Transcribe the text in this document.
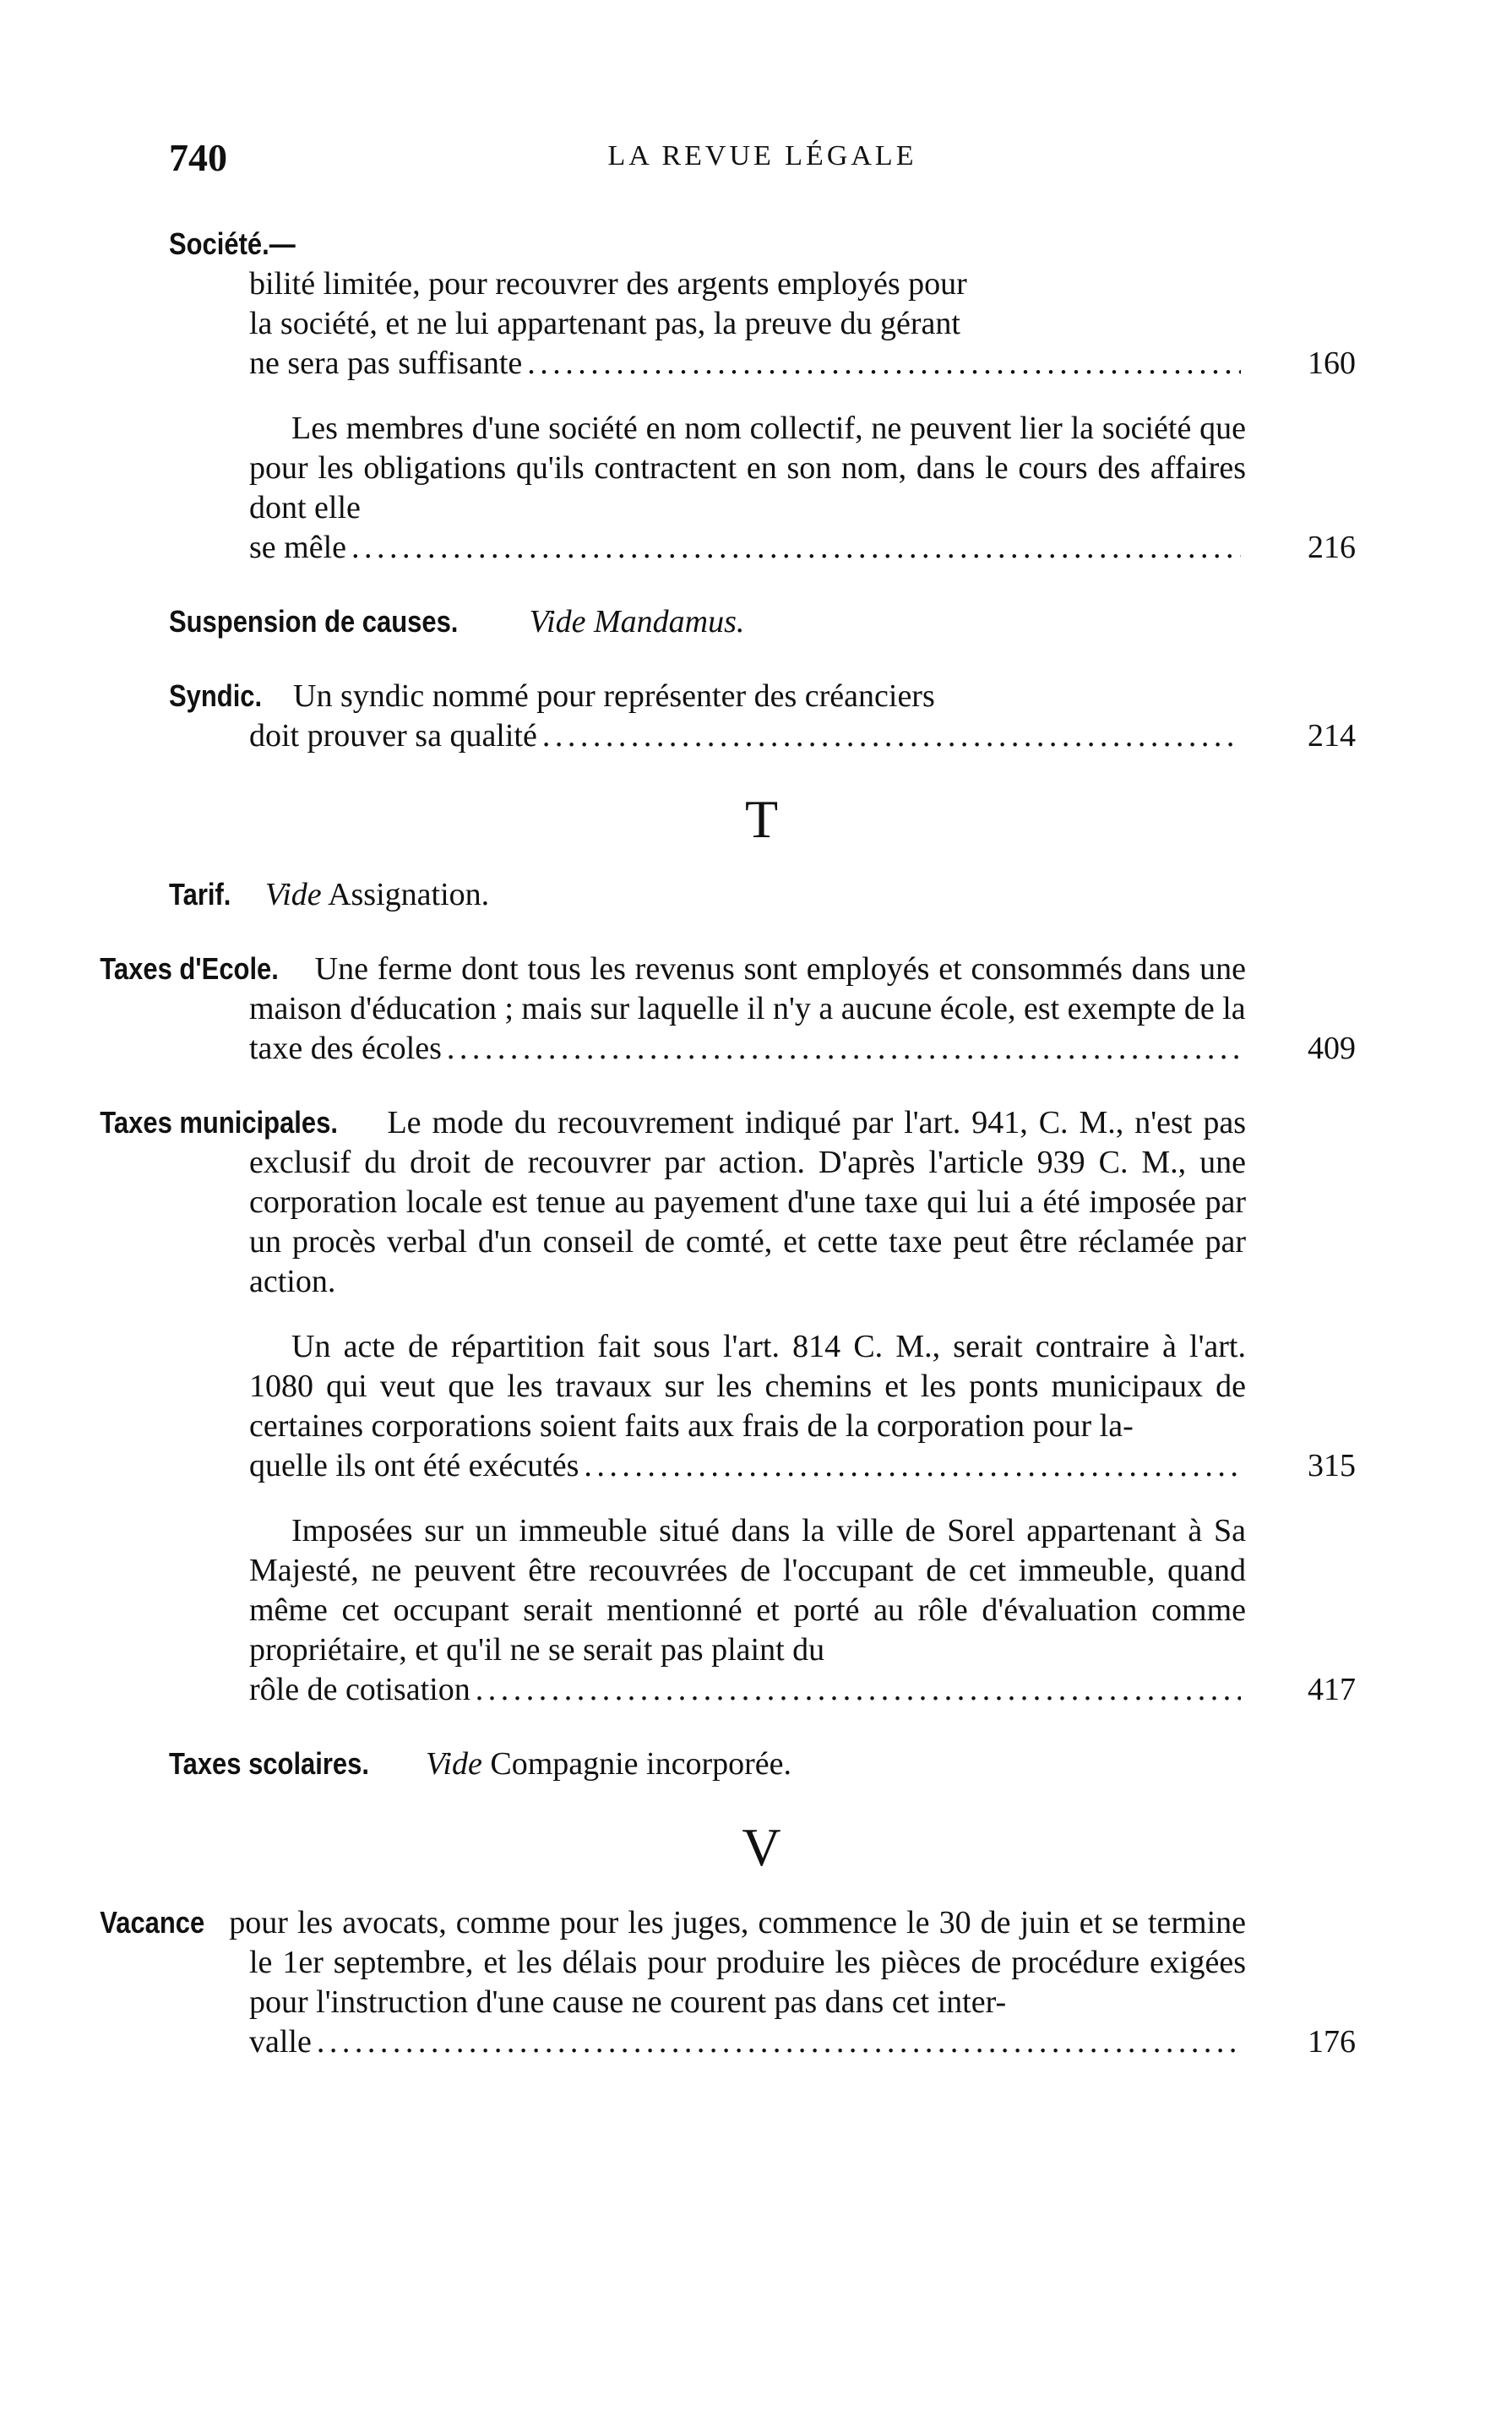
740	LA REVUE LÉGALE
Société.—
bilité limitée, pour recouvrer des argents employés pour
la société, et ne lui appartenant pas, la preuve du gérant
ne sera pas suffisante . . .	160
Les membres d'une société en nom collectif, ne peuvent lier la société que pour les obligations qu'ils contractent en son nom, dans le cours des affaires dont elle
se mêle . . .	216
Suspension de causes. Vide Mandamus.
Syndic. Un syndic nommé pour représenter des créanciers
doit prouver sa qualité . . .	214
T
Tarif. Vide Assignation.
Taxes d'Ecole. Une ferme dont tous les revenus sont employés et consommés dans une maison d'éducation ; mais sur laquelle il n'y a aucune école, est exempte de la
taxe des écoles . . .	409
Taxes municipales. Le mode du recouvrement indiqué par l'art. 941, C. M., n'est pas exclusif du droit de recouvrer par action. D'après l'article 939 C. M., une corporation locale est tenue au payement d'une taxe qui lui a été imposée par un procès verbal d'un conseil de comté, et cette taxe peut être réclamée par action.
Un acte de répartition fait sous l'art. 814 C. M., serait contraire à l'art. 1080 qui veut que les travaux sur les chemins et les ponts municipaux de certaines corporations soient faits aux frais de la corporation pour la-
quelle ils ont été exécutés . . .	315
Imposées sur un immeuble situé dans la ville de Sorel appartenant à Sa Majesté, ne peuvent être recouvrées de l'occupant de cet immeuble, quand même cet occupant serait mentionné et porté au rôle d'évaluation comme propriétaire, et qu'il ne se serait pas plaint du
rôle de cotisation . . .	417
Taxes scolaires. Vide Compagnie incorporée.
V
Vacance pour les avocats, comme pour les juges, commence le 30 de juin et se termine le 1er septembre, et les délais pour produire les pièces de procédure exigées pour l'instruction d'une cause ne courent pas dans cet inter-
valle . . .	176
